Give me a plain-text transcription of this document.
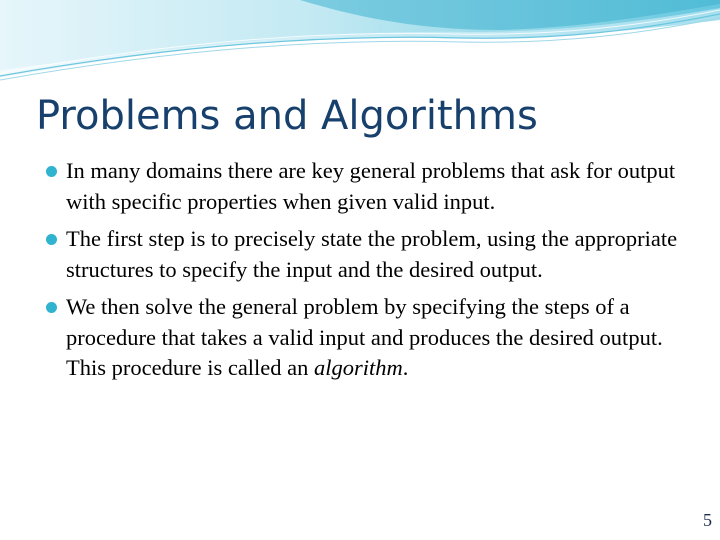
Problems and Algorithms
In many domains there are key general problems that ask for output with specific properties when given valid input.
The first step is to precisely state the problem, using the appropriate structures to specify the input and the desired output.
We then solve the general problem by specifying the steps of a procedure that takes a valid input and produces the desired output. This procedure is called an algorithm.
5
